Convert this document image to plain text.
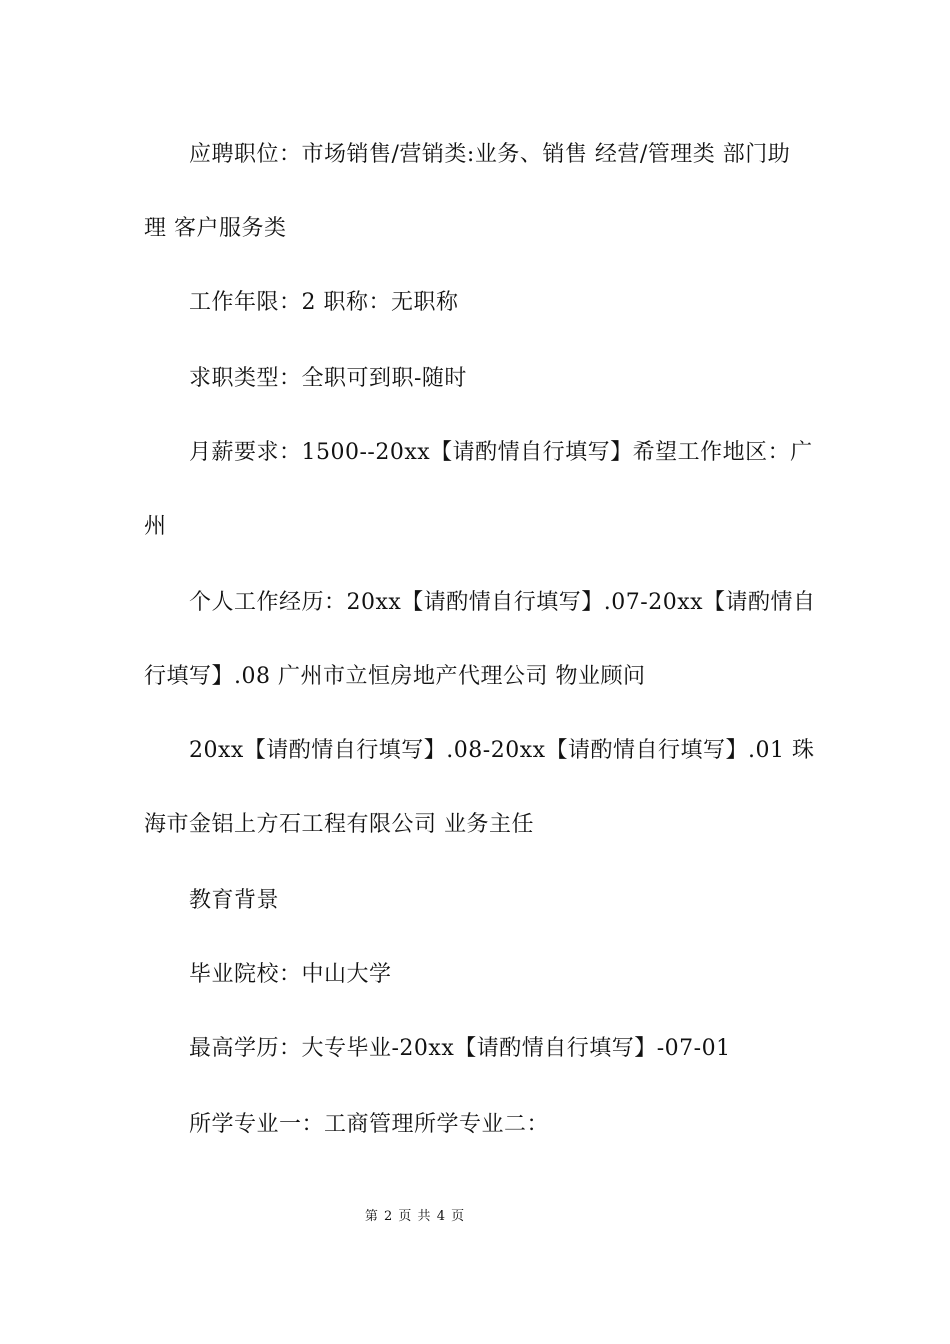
应聘职位：市场销售/营销类:业务、销售 经营/管理类 部门助
理 客户服务类
工作年限：2 职称：无职称
求职类型：全职可到职-随时
月薪要求：1500--20xx【请酌情自行填写】希望工作地区：广
州
个人工作经历：20xx【请酌情自行填写】.07-20xx【请酌情自
行填写】.08 广州市立恒房地产代理公司 物业顾问
20xx【请酌情自行填写】.08-20xx【请酌情自行填写】.01 珠
海市金铝上方石工程有限公司 业务主任
教育背景
毕业院校：中山大学
最高学历：大专毕业-20xx【请酌情自行填写】-07-01
所学专业一：工商管理所学专业二：
第 2 页 共 4 页
